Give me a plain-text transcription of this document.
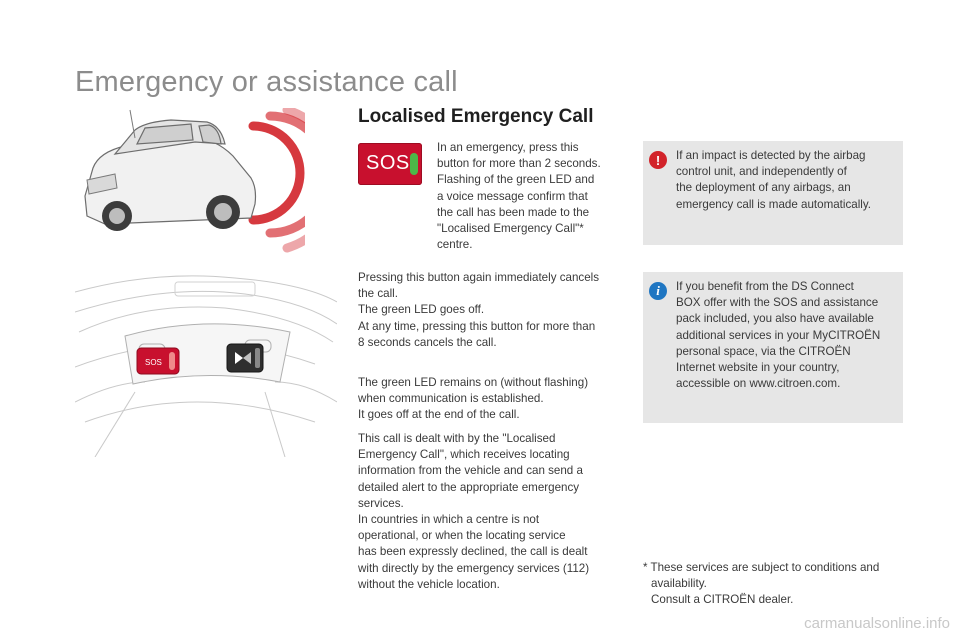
Emergency or assistance call
SOS
Localised Emergency Call
SOS
In an emergency, press this
button for more than 2 seconds.
Flashing of the green LED and
a voice message confirm that
the call has been made to the
"Localised Emergency Call"*
centre.
Pressing this button again immediately cancels
the call.
The green LED goes off.
At any time, pressing this button for more than
8 seconds cancels the call.
The green LED remains on (without flashing)
when communication is established.
It goes off at the end of the call.
This call is dealt with by the "Localised
Emergency Call", which receives locating
information from the vehicle and can send a
detailed alert to the appropriate emergency
services.
In countries in which a centre is not
operational, or when the locating service
has been expressly declined, the call is dealt
with directly by the emergency services (112)
without the vehicle location.
!	If an impact is detected by the airbag
control unit, and independently of
the deployment of any airbags, an
emergency call is made automatically.
i	If you benefit from the DS Connect
BOX offer with the SOS and assistance
pack included, you also have available
additional services in your MyCITROËN
personal space, via the CITROËN
Internet website in your country,
accessible on www.citroen.com.
* These services are subject to conditions and
availability.
Consult a CITROËN dealer.
carmanualsonline.info
